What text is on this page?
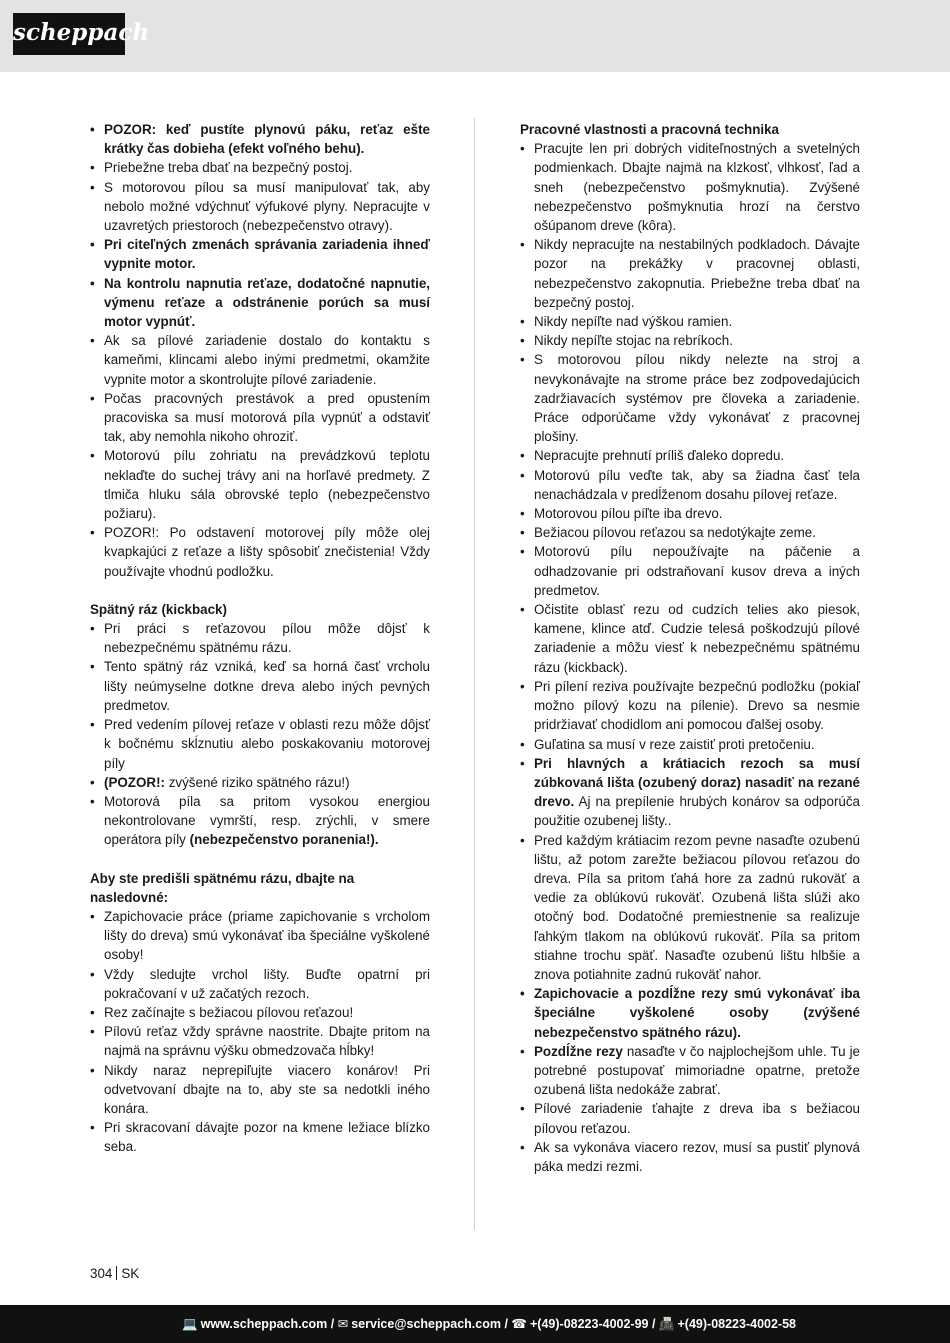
scheppach
• POZOR: keď pustíte plynovú páku, reťaz ešte krátky čas dobieha (efekt voľného behu).
• Priebežne treba dbať na bezpečný postoj.
• S motorovou pílou sa musí manipulovať tak, aby nebolo možné vdýchnuť výfukové plyny. Nepracujte v uzavretých priestoroch (nebezpečenstvo otravy).
• Pri citeľných zmenách správania zariadenia ihneď vypnite motor.
• Na kontrolu napnutia reťaze, dodatočné napnutie, výmenu reťaze a odstránenie porúch sa musí motor vypnúť.
• Ak sa pílové zariadenie dostalo do kontaktu s kameňmi, klincami alebo inými predmetmi, okamžite vypnite motor a skontrolujte pílové zariadenie.
• Počas pracovných prestávok a pred opustením pracoviska sa musí motorová píla vypnúť a odstaviť tak, aby nemohla nikoho ohroziť.
• Motorovú pílu zohriatu na prevádzkovú teplotu neklaďte do suchej trávy ani na horľavé predmety. Z tlmiča hluku sála obrovské teplo (nebezpečenstvo požiaru).
• POZOR!: Po odstavení motorovej píly môže olej kvapkajúci z reťaze a lišty spôsobiť znečistenia! Vždy používajte vhodnú podložku.

Spätný ráz (kickback)

• Pri práci s reťazovou pílou môže dôjsť k nebezpečnému spätnému rázu.
• Tento spätný ráz vzniká, keď sa horná časť vrcholu lišty neúmyselne dotkne dreva alebo iných pevných predmetov.
• Pred vedením pílovej reťaze v oblasti rezu môže dôjsť k bočnému skĺznutiu alebo poskakovaniu motorovej píly
• (POZOR!: zvýšené riziko spätného rázu!)
• Motorová píla sa pritom vysokou energiou nekontrolovane vymrští, resp. zrýchli, v smere operátora píly (nebezpečenstvo poranenia!).

Aby ste predišli spätnému rázu, dbajte na nasledovné:

• Zapichovacie práce (priame zapichovanie s vrcholom lišty do dreva) smú vykonávať iba špeciálne vyškolené osoby!
• Vždy sledujte vrchol lišty. Buďte opatrní pri pokračovaní v už začatých rezoch.
• Rez začínajte s bežiacou pílovou reťazou!
• Pílovú reťaz vždy správne naostrite. Dbajte pritom na najmä na správnu výšku obmedzovača hĺbky!
• Nikdy naraz neprepiľujte viacero konárov! Pri odvetvovaní dbajte na to, aby ste sa nedotkli iného konára.
• Pri skracovaní dávajte pozor na kmene ležiace blízko seba.

Pracovné vlastnosti a pracovná technika

• Pracujte len pri dobrých viditeľnostných a svetelných podmienkach. Dbajte najmä na klzkosť, vlhkosť, ľad a sneh (nebezpečenstvo pošmyknutia). Zvýšené nebezpečenstvo pošmyknutia hrozí na čerstvo ošúpanom dreve (kôra).
• Nikdy nepracujte na nestabilných podkladoch. Dávajte pozor na prekážky v pracovnej oblasti, nebezpečenstvo zakopnutia. Priebežne treba dbať na bezpečný postoj.
• Nikdy nepíľte nad výškou ramien.
• Nikdy nepíľte stojac na rebríkoch.
• S motorovou pílou nikdy nelezte na stroj a nevykonávajte na strome práce bez zodpovedajúcich zadržiavacích systémov pre človeka a zariadenie. Práce odporúčame vždy vykonávať z pracovnej plošiny.
• Nepracujte prehnutí príliš ďaleko dopredu.
• Motorovú pílu veďte tak, aby sa žiadna časť tela nenachádzala v predĺženom dosahu pílovej reťaze.
• Motorovou pílou píľte iba drevo.
• Bežiacou pílovou reťazou sa nedotýkajte zeme.
• Motorovú pílu nepoužívajte na páčenie a odhadzovanie pri odstraňovaní kusov dreva a iných predmetov.
• Očistite oblasť rezu od cudzích telies ako piesok, kamene, klince atď. Cudzie telesá poškodzujú pílové zariadenie a môžu viesť k nebezpečnému spätnému rázu (kickback).
• Pri pílení reziva používajte bezpečnú podložku (pokiaľ možno pílový kozu na pílenie). Drevo sa nesmie pridržiavať chodidlom ani pomocou ďalšej osoby.
• Guľatina sa musí v reze zaistiť proti pretočeniu.
• Pri hlavných a krátiacich rezoch sa musí zúbkovaná lišta (ozubený doraz) nasadiť na rezané drevo. Aj na prepílenie hrubých konárov sa odporúča použitie ozubenej lišty..
• Pred každým krátiacim rezom pevne nasaďte ozubenú lištu, až potom zarežte bežiacou pílovou reťazou do dreva. Píla sa pritom ťahá hore za zadnú rukoväť a vedie za oblúkovú rukoväť. Ozubená lišta slúži ako otočný bod. Dodatočné premiestnenie sa realizuje ľahkým tlakom na oblúkovú rukoväť. Píla sa pritom stiahne trochu späť. Nasaďte ozubenú lištu hlbšie a znova potiahnite zadnú rukoväť nahor.
• Zapichovacie a pozdĺžne rezy smú vykonávať iba špeciálne vyškolené osoby (zvýšené nebezpečenstvo spätného rázu).
• Pozdĺžne rezy nasaďte v čo najplochejšom uhle. Tu je potrebné postupovať mimoriadne opatrne, pretože ozubená lišta nedokáže zabrať.
• Pílové zariadenie ťahajte z dreva iba s bežiacou pílovou reťazou.
• Ak sa vykonáva viacero rezov, musí sa pustiť plynová páka medzi rezmi.
304 SK
💻 www.scheppach.com / ✉ service@scheppach.com / ☎ +(49)-08223-4002-99 / 📠 +(49)-08223-4002-58
